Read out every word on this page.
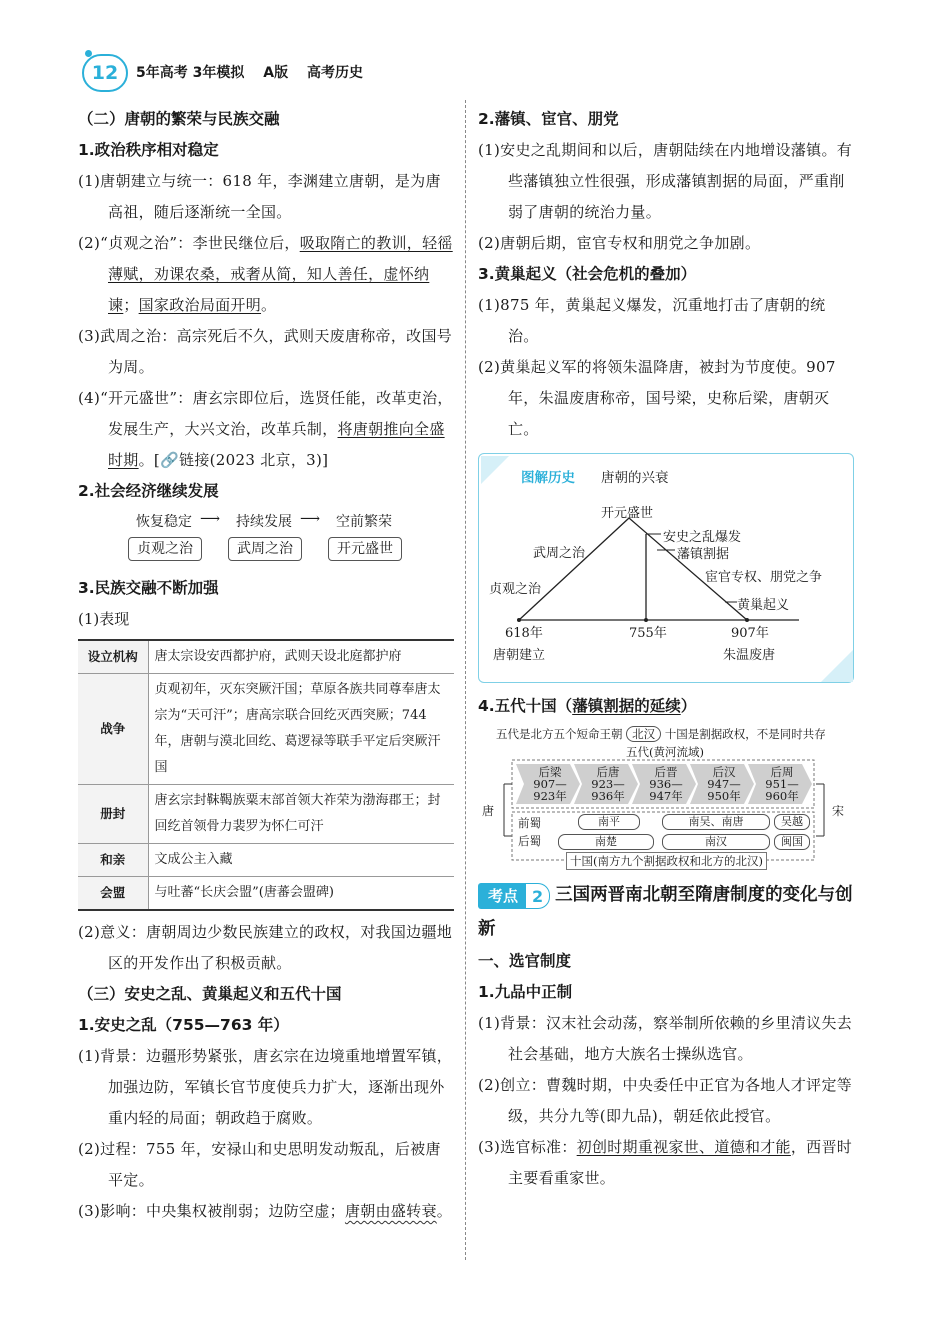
12	5年高考 3年模拟 A版 高考历史
（二）唐朝的繁荣与民族交融
1.政治秩序相对稳定
(1)唐朝建立与统一：618 年，李渊建立唐朝，是为唐高祖，随后逐渐统一全国。
(2)“贞观之治”：李世民继位后，吸取隋亡的教训，轻徭薄赋，劝课农桑，戒奢从简，知人善任，虚怀纳谏；国家政治局面开明。
(3)武周之治：高宗死后不久，武则天废唐称帝，改国号为周。
(4)“开元盛世”：唐玄宗即位后，选贤任能，改革吏治，发展生产，大兴文治，改革兵制，将唐朝推向全盛时期。[🔗链接(2023 北京，3)]
2.社会经济继续发展
恢复稳定 ⟶ 持续发展 ⟶ 空前繁荣
贞观之治	武周之治	开元盛世
3.民族交融不断加强
(1)表现
设立机构	唐太宗设安西都护府，武则天设北庭都护府
战争	贞观初年，灭东突厥汗国；草原各族共同尊奉唐太宗为“天可汗”；唐高宗联合回纥灭西突厥；744 年，唐朝与漠北回纥、葛逻禄等联手平定后突厥汗国
册封	唐玄宗封靺鞨族粟末部首领大祚荣为渤海郡王；封回纥首领骨力裴罗为怀仁可汗
和亲	文成公主入藏
会盟	与吐蕃“长庆会盟”(唐蕃会盟碑)
(2)意义：唐朝周边少数民族建立的政权，对我国边疆地区的开发作出了积极贡献。
（三）安史之乱、黄巢起义和五代十国
1.安史之乱（755—763 年）
(1)背景：边疆形势紧张，唐玄宗在边境重地增置军镇，加强边防，军镇长官节度使兵力扩大，逐渐出现外重内轻的局面；朝政趋于腐败。
(2)过程：755 年，安禄山和史思明发动叛乱，后被唐平定。
(3)影响：中央集权被削弱；边防空虚；唐朝由盛转衰。
2.藩镇、宦官、朋党
(1)安史之乱期间和以后，唐朝陆续在内地增设藩镇。有些藩镇独立性很强，形成藩镇割据的局面，严重削弱了唐朝的统治力量。
(2)唐朝后期，宦官专权和朋党之争加剧。
3.黄巢起义（社会危机的叠加）
(1)875 年，黄巢起义爆发，沉重地打击了唐朝的统治。
(2)黄巢起义军的将领朱温降唐，被封为节度使。907 年，朱温废唐称帝，国号梁，史称后梁，唐朝灭亡。
图解历史 唐朝的兴衰
开元盛世
武周之治
贞观之治
安史之乱爆发
藩镇割据
宦官专权、朋党之争
黄巢起义
618年
唐朝建立
755年	907年
朱温废唐
4.五代十国（藩镇割据的延续）
五代是北方五个短命王朝 北汉 十国是割据政权，不是同时共存
五代(黄河流域)
唐	宋
后梁
907—923年
后唐
923—936年
后晋
936—947年
后汉
947—950年
后周
951—960年
前蜀
后蜀
南平
南楚
南吴、南唐
南汉
吴越
闽国
十国(南方九个割据政权和北方的北汉)
考点 2 三国两晋南北朝至隋唐制度的变化与创新
一、选官制度
1.九品中正制
(1)背景：汉末社会动荡，察举制所依赖的乡里清议失去社会基础，地方大族名士操纵选官。
(2)创立：曹魏时期，中央委任中正官为各地人才评定等级，共分九等(即九品)，朝廷依此授官。
(3)选官标准：初创时期重视家世、道德和才能，西晋时主要看重家世。
